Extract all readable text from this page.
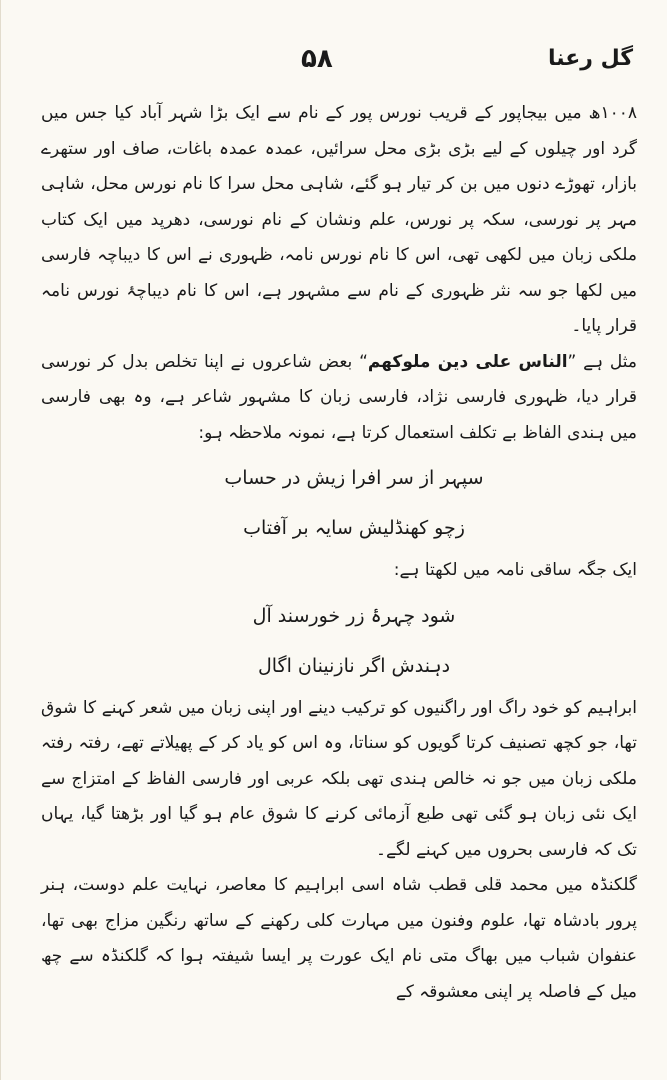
۵۸	گل رعنا

۱۰۰۸ھ میں بیجاپور کے قریب نورس پور کے نام سے ایک بڑا شہر آباد کیا جس میں گرد اور چیلوں کے لیے بڑی بڑی محل سرائیں، عمدہ عمدہ باغات، صاف اور ستھرے بازار، تھوڑے دنوں میں بن کر تیار ہو گئے، شاہی محل سرا کا نام نورس محل، شاہی مہر پر نورسی، سکہ پر نورس، علم ونشان کے نام نورسی، دھرپد میں ایک کتاب ملکی زبان میں لکھی تھی، اس کا نام نورس نامہ، ظہوری نے اس کا دیباچہ فارسی میں لکھا جو سہ نثر ظہوری کے نام سے مشہور ہے، اس کا نام دیباچۂ نورس نامہ قرار پایا۔

مثل ہے ”الناس علی دین ملوکھم“ بعض شاعروں نے اپنا تخلص بدل کر نورسی قرار دیا، ظہوری فارسی نژاد، فارسی زبان کا مشہور شاعر ہے، وہ بھی فارسی میں ہندی الفاظ بے تکلف استعمال کرتا ہے، نمونہ ملاحظہ ہو:

سپہر از سر افرا زیش در حساب

زچو کھنڈلیش سایہ بر آفتاب

ایک جگہ ساقی نامہ میں لکھتا ہے:

شود چہرۂ زر خورسند آل

دہندش اگر نازنینان اگال

ابراہیم کو خود راگ اور راگنیوں کو ترکیب دینے اور اپنی زبان میں شعر کہنے کا شوق تھا، جو کچھ تصنیف کرتا گویوں کو سناتا، وہ اس کو یاد کر کے پھیلاتے تھے، رفتہ رفتہ ملکی زبان میں جو نہ خالص ہندی تھی بلکہ عربی اور فارسی الفاظ کے امتزاج سے ایک نئی زبان ہو گئی تھی طبع آزمائی کرنے کا شوق عام ہو گیا اور بڑھتا گیا، یہاں تک کہ فارسی بحروں میں کہنے لگے۔

گلکنڈہ میں محمد قلی قطب شاہ اسی ابراہیم کا معاصر، نہایت علم دوست، ہنر پرور بادشاہ تھا، علوم وفنون میں مہارت کلی رکھنے کے ساتھ رنگین مزاج بھی تھا، عنفوان شباب میں بھاگ متی نام ایک عورت پر ایسا شیفتہ ہوا کہ گلکنڈہ سے چھ میل کے فاصلہ پر اپنی معشوقہ کے
